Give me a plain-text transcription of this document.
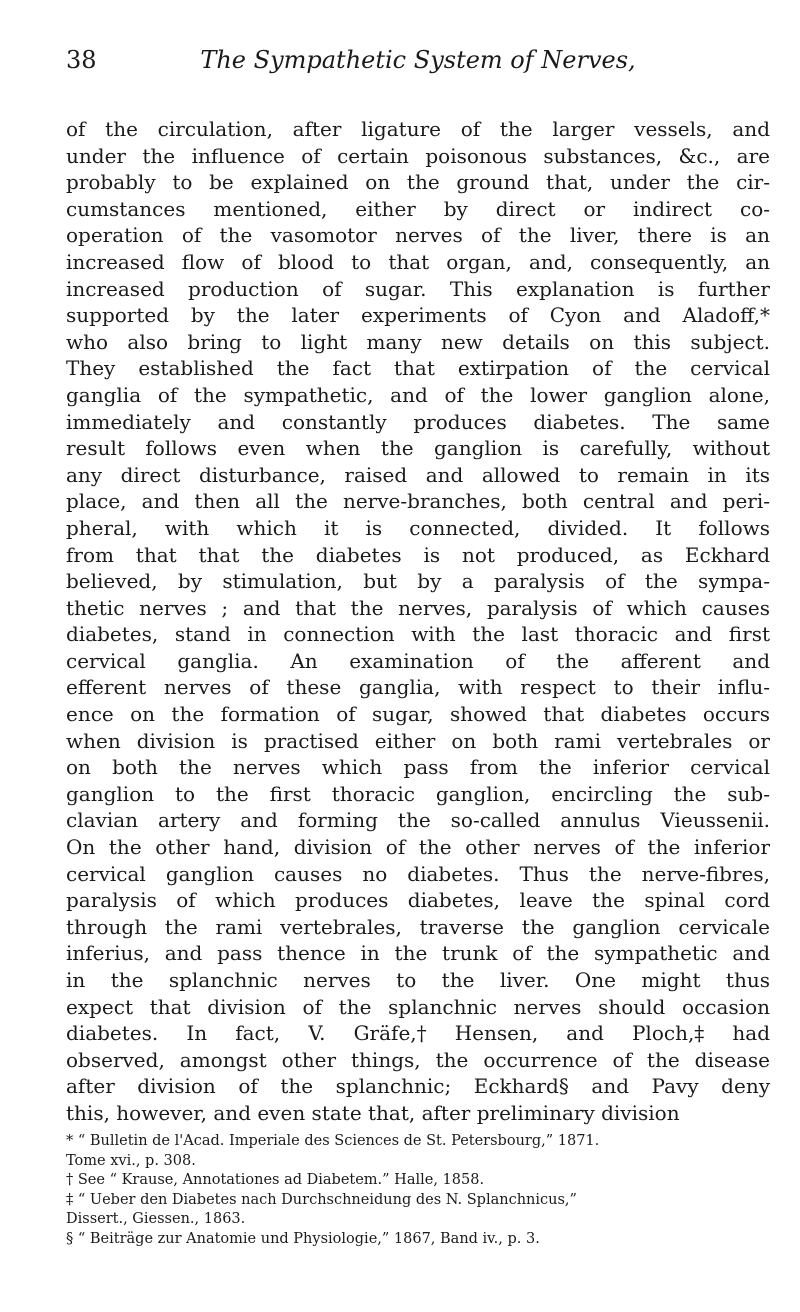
38	The Sympathetic System of Nerves,
of the circulation, after ligature of the larger vessels, and
under the influence of certain poisonous substances, &c., are
probably to be explained on the ground that, under the cir-
cumstances mentioned, either by direct or indirect co-
operation of the vasomotor nerves of the liver, there is an
increased flow of blood to that organ, and, consequently, an
increased production of sugar. This explanation is further
supported by the later experiments of Cyon and Aladoff,*
who also bring to light many new details on this subject.
They established the fact that extirpation of the cervical
ganglia of the sympathetic, and of the lower ganglion alone,
immediately and constantly produces diabetes. The same
result follows even when the ganglion is carefully, without
any direct disturbance, raised and allowed to remain in its
place, and then all the nerve-branches, both central and peri-
pheral, with which it is connected, divided. It follows
from that that the diabetes is not produced, as Eckhard
believed, by stimulation, but by a paralysis of the sympa-
thetic nerves ; and that the nerves, paralysis of which causes
diabetes, stand in connection with the last thoracic and first
cervical ganglia. An examination of the afferent and
efferent nerves of these ganglia, with respect to their influ-
ence on the formation of sugar, showed that diabetes occurs
when division is practised either on both rami vertebrales or
on both the nerves which pass from the inferior cervical
ganglion to the first thoracic ganglion, encircling the sub-
clavian artery and forming the so-called annulus Vieussenii.
On the other hand, division of the other nerves of the inferior
cervical ganglion causes no diabetes. Thus the nerve-fibres,
paralysis of which produces diabetes, leave the spinal cord
through the rami vertebrales, traverse the ganglion cervicale
inferius, and pass thence in the trunk of the sympathetic and
in the splanchnic nerves to the liver. One might thus
expect that division of the splanchnic nerves should occasion
diabetes. In fact, V. Gräfe,† Hensen, and Ploch,‡ had
observed, amongst other things, the occurrence of the disease
after division of the splanchnic; Eckhard§ and Pavy deny
this, however, and even state that, after preliminary division
* “ Bulletin de l'Acad. Imperiale des Sciences de St. Petersbourg,” 1871.
Tome xvi., p. 308.
† See “ Krause, Annotationes ad Diabetem.” Halle, 1858.
‡ “ Ueber den Diabetes nach Durchschneidung des N. Splanchnicus,”
Dissert., Giessen., 1863.
§ “ Beiträge zur Anatomie und Physiologie,” 1867, Band iv., p. 3.
